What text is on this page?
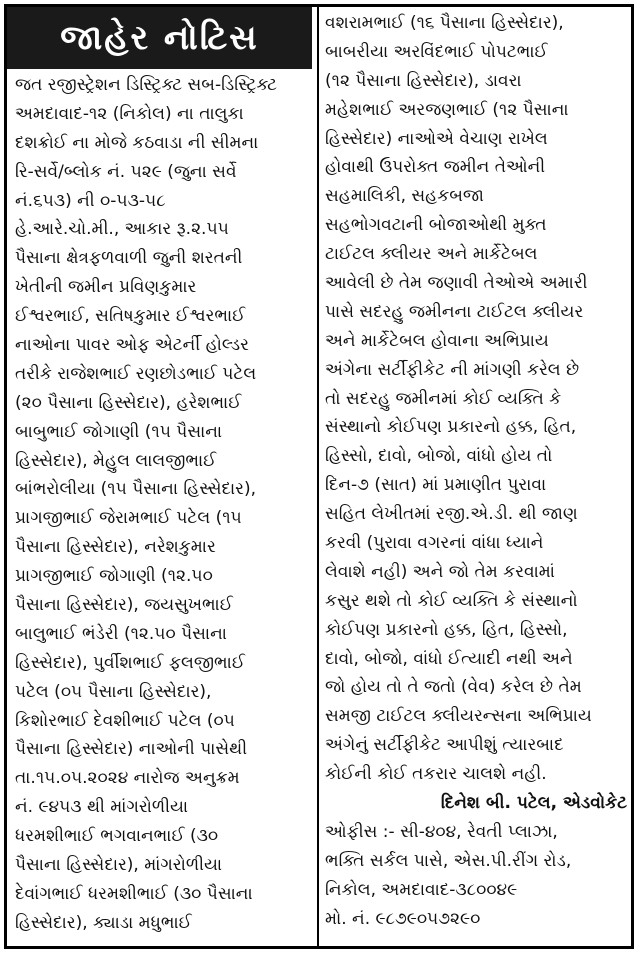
જાહેર નોટિસ
જત રજીસ્ટ્રેશન ડિસ્ટ્રિક્ટ સબ-ડિસ્ટ્રિક્ટ
અમદાવાદ-૧૨ (નિકોલ) ના તાલુકા
દશક્રોઈ ના મોજે કઠવાડા ની સીમના
રિ-સર્વે/બ્લોક નં. ૫૨૯ (જુના સર્વે
નં.૬૫૩) ની ૦-૫૩-૫૮
હે.આરે.ચો.મી., આકાર રૂ.૨.૫૫
પૈસાના ક્ષેત્રફળવાળી જુની શરતની
ખેતીની જમીન પ્રવિણકુમાર
ઈશ્વરભાઈ, સતિષકુમાર ઈશ્વરભાઈ
નાઓના પાવર ઓફ એટર્ની હોલ્ડર
તરીકે રાજેશભાઈ રણછોડભાઈ પટેલ
(૨૦ પૈસાના હિસ્સેદાર), હરેશભાઈ
બાબુભાઈ જોગાણી (૧૫ પૈસાના
હિસ્સેદાર), મેહુલ લાલજીભાઈ
બાંભરોલીયા (૧૫ પૈસાના હિસ્સેદાર),
પ્રાગજીભાઈ જેરામભાઈ પટેલ (૧૫
પૈસાના હિસ્સેદાર), નરેશકુમાર
પ્રાગજીભાઈ જોગાણી (૧૨.૫૦
પૈસાના હિસ્સેદાર), જયસુખભાઈ
બાલુભાઈ ભંડેરી (૧૨.૫૦ પૈસાના
હિસ્સેદાર), પુર્વીશભાઈ ફલજીભાઈ
પટેલ (૦૫ પૈસાના હિસ્સેદાર),
કિશોરભાઈ દેવશીભાઈ પટેલ (૦૫
પૈસાના હિસ્સેદાર) નાઓની પાસેથી
તા.૧૫.૦૫.૨૦૨૪ નારોજ અનુક્રમ
નં. ૯૪૫૩ થી માંગરોળીયા
ધરમશીભાઈ ભગવાનભાઈ (૩૦
પૈસાના હિસ્સેદાર), માંગરોળીયા
દેવાંગભાઈ ધરમશીભાઈ (૩૦ પૈસાના
હિસ્સેદાર), ક્યાડા મધુભાઈ
વશરામભાઈ (૧૬ પૈસાના હિસ્સેદાર),
બાબરીયા અરવિંદભાઈ પોપટભાઈ
(૧૨ પૈસાના હિસ્સેદાર), ડાવરા
મહેશભાઈ અરજણભાઈ (૧૨ પૈસાના
હિસ્સેદાર) નાઓએ વેચાણ રાખેલ
હોવાથી ઉપરોક્ત જમીન તેઓની
સહમાલિકી, સહકબજા
સહભોગવટાની બોજાઓથી મુક્ત
ટાઈટલ ક્લીયર અને માર્કેટેબલ
આવેલી છે તેમ જણાવી તેઓએ અમારી
પાસે સદરહુ જમીનના ટાઈટલ ક્લીયર
અને માર્કેટેબલ હોવાના અભિપ્રાય
અંગેના સર્ટીફીકેટ ની માંગણી કરેલ છે
તો સદરહુ જમીનમાં કોઈ વ્યક્તિ કે
સંસ્થાનો કોઈપણ પ્રકારનો હક્ક, હિત,
હિસ્સો, દાવો, બોજો, વાંધો હોય તો
દિન-૭ (સાત) માં પ્રમાણીત પુરાવા
સહિત લેખીતમાં રજી.એ.ડી. થી જાણ
કરવી (પુરાવા વગરનાં વાંધા ધ્યાને
લેવાશે નહી) અને જો તેમ કરવામાં
કસુર થશે તો કોઈ વ્યક્તિ કે સંસ્થાનો
કોઈપણ પ્રકારનો હક્ક, હિત, હિસ્સો,
દાવો, બોજો, વાંધો ઈત્યાદી નથી અને
જો હોય તો તે જતો (વેવ) કરેલ છે તેમ
સમજી ટાઈટલ ક્લીયરન્સના અભિપ્રાય
અંગેનું સર્ટીફીકેટ આપીશું ત્યારબાદ
કોઈની કોઈ તકરાર ચાલશે નહી.
દિનેશ બી. પટેલ, એડવોકેટ
ઓફીસ :- સી-૪૦૪, રેવતી પ્લાઝા,
ભક્તિ સર્કલ પાસે, એસ.પી.રીંગ રોડ,
નિકોલ, અમદાવાદ-૩૮૦૦૪૯
મો. નં. ૯૮૭૯૦૫૭૨૯૦
